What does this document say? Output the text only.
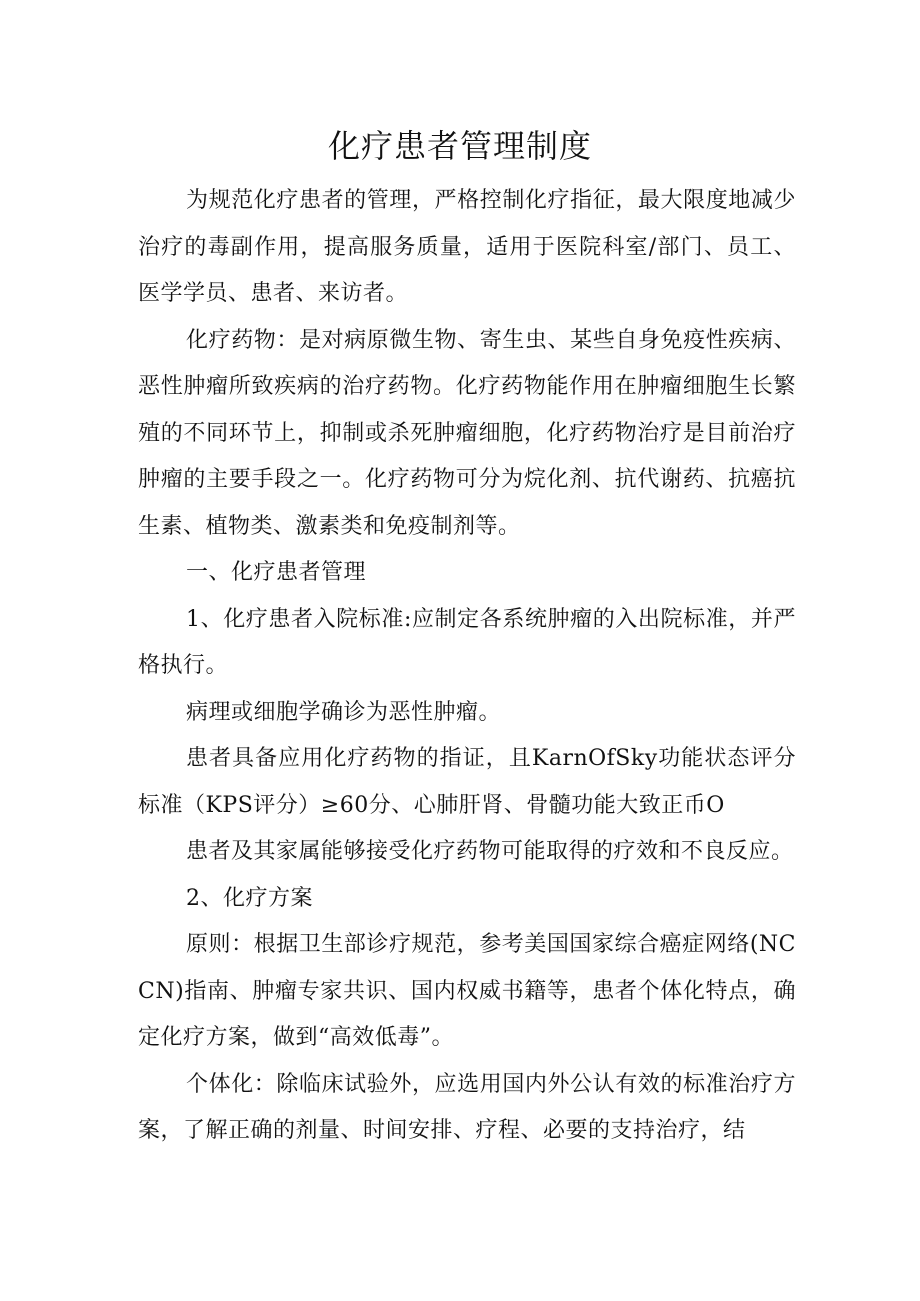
化疗患者管理制度

为规范化疗患者的管理，严格控制化疗指征，最大限度地减少治疗的毒副作用，提高服务质量，适用于医院科室/部门、员工、医学学员、患者、来访者。

化疗药物：是对病原微生物、寄生虫、某些自身免疫性疾病、恶性肿瘤所致疾病的治疗药物。化疗药物能作用在肿瘤细胞生长繁殖的不同环节上，抑制或杀死肿瘤细胞，化疗药物治疗是目前治疗肿瘤的主要手段之一。化疗药物可分为烷化剂、抗代谢药、抗癌抗生素、植物类、激素类和免疫制剂等。

一、化疗患者管理

1、化疗患者入院标准:应制定各系统肿瘤的入出院标准，并严格执行。

病理或细胞学确诊为恶性肿瘤。

患者具备应用化疗药物的指证，且KarnOfSky功能状态评分标准（KPS评分）≥60分、心肺肝肾、骨髓功能大致正币O

患者及其家属能够接受化疗药物可能取得的疗效和不良反应。

2、化疗方案

原则：根据卫生部诊疗规范，参考美国国家综合癌症网络(NCCN)指南、肿瘤专家共识、国内权威书籍等，患者个体化特点，确定化疗方案，做到“高效低毒”。

个体化：除临床试验外，应选用国内外公认有效的标准治疗方案，了解正确的剂量、时间安排、疗程、必要的支持治疗，结
